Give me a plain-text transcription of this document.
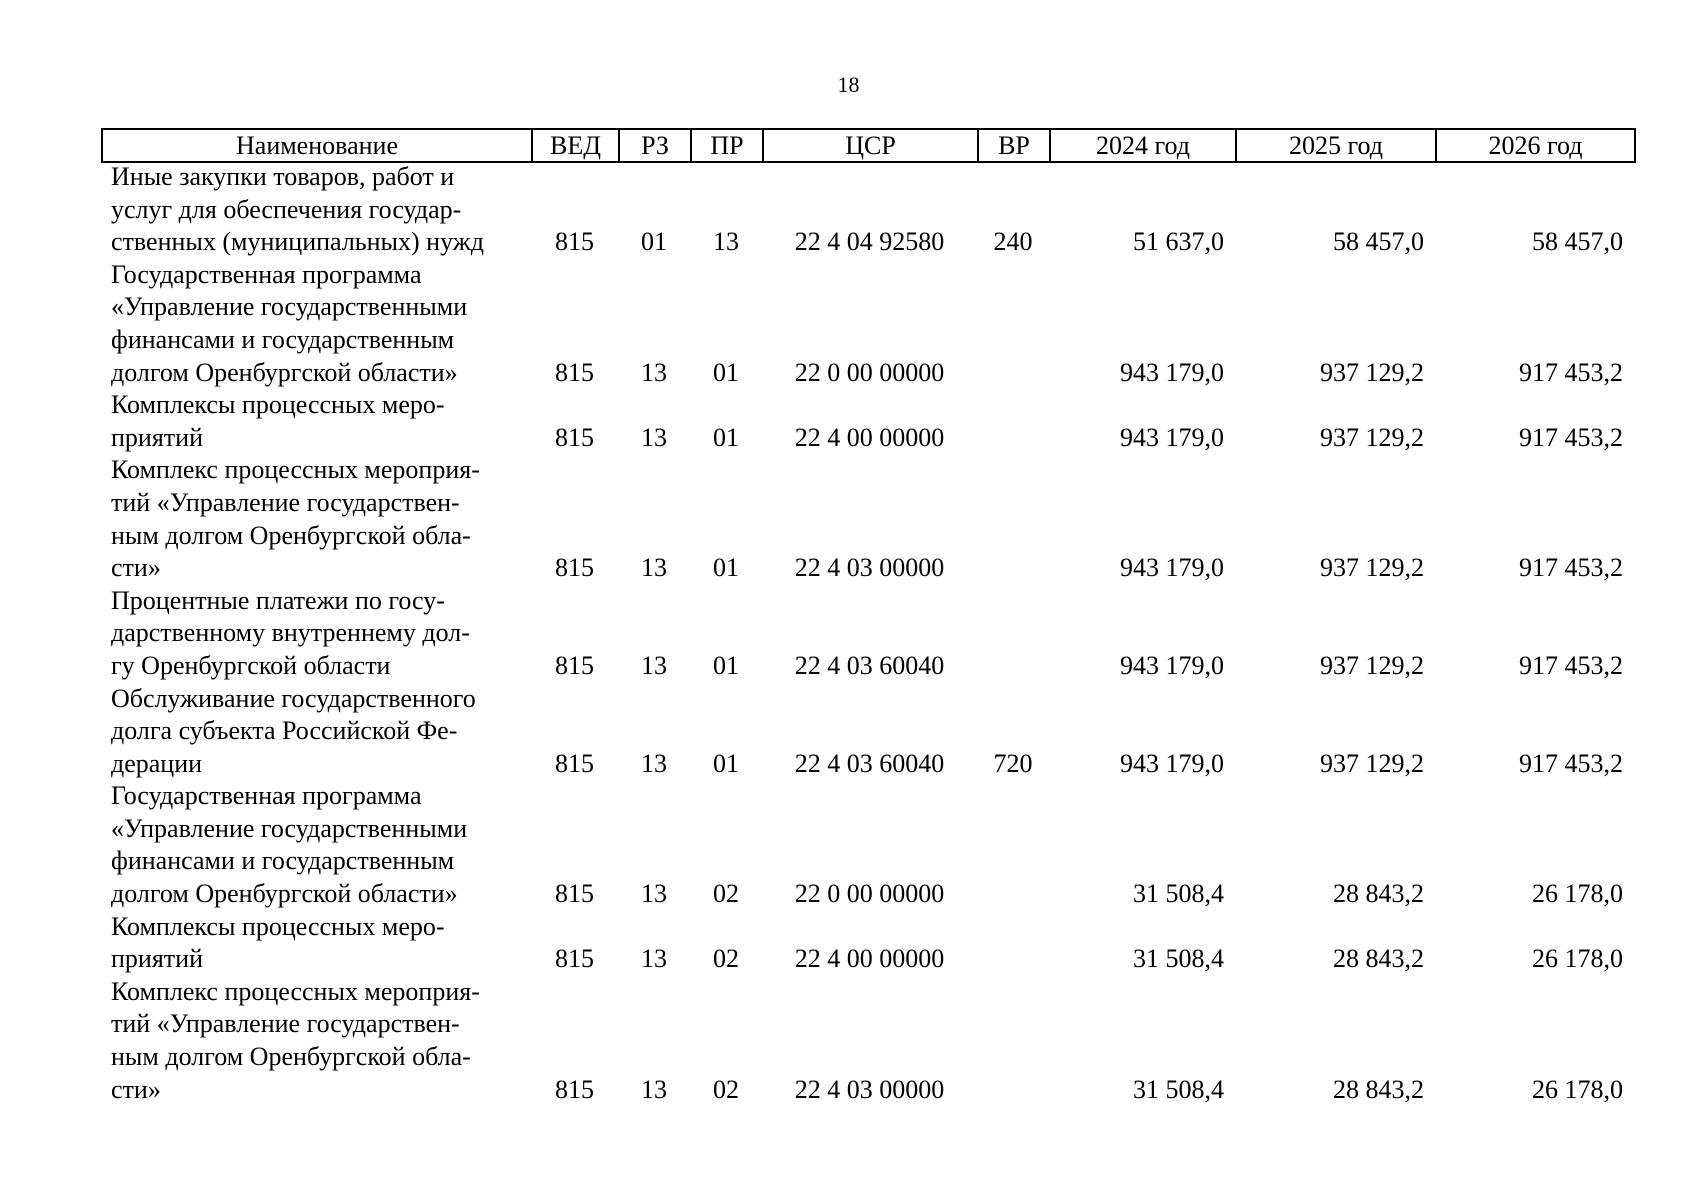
18
Наименование	ВЕД	РЗ	ПР	ЦСР	ВР	2024 год	2025 год	2026 год
Иные закупки товаров, работ и
услуг для обеспечения государ-
ственных (муниципальных) нужд	815	01	13	22 4 04 92580	240	51 637,0	58 457,0	58 457,0
Государственная программа
«Управление государственными
финансами и государственным
долгом Оренбургской области»	815	13	01	22 0 00 00000		943 179,0	937 129,2	917 453,2
Комплексы процессных меро-
приятий	815	13	01	22 4 00 00000		943 179,0	937 129,2	917 453,2
Комплекс процессных мероприя-
тий «Управление государствен-
ным долгом Оренбургской обла-
сти»	815	13	01	22 4 03 00000		943 179,0	937 129,2	917 453,2
Процентные платежи по госу-
дарственному внутреннему дол-
гу Оренбургской области	815	13	01	22 4 03 60040		943 179,0	937 129,2	917 453,2
Обслуживание государственного
долга субъекта Российской Фе-
дерации	815	13	01	22 4 03 60040	720	943 179,0	937 129,2	917 453,2
Государственная программа
«Управление государственными
финансами и государственным
долгом Оренбургской области»	815	13	02	22 0 00 00000		31 508,4	28 843,2	26 178,0
Комплексы процессных меро-
приятий	815	13	02	22 4 00 00000		31 508,4	28 843,2	26 178,0
Комплекс процессных мероприя-
тий «Управление государствен-
ным долгом Оренбургской обла-
сти»	815	13	02	22 4 03 00000		31 508,4	28 843,2	26 178,0
